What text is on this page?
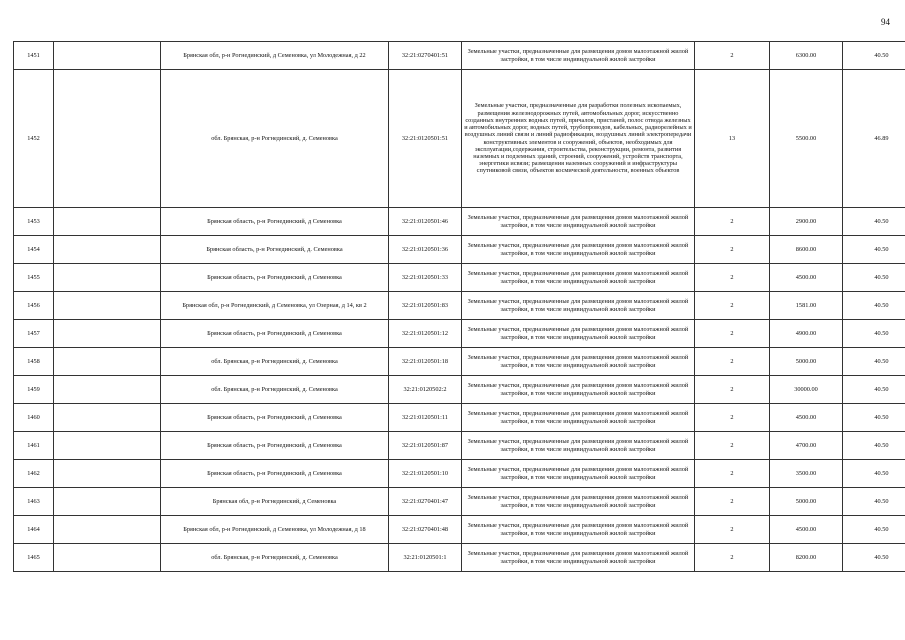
94
1451		Брянская обл, р-н Рогнединский, д Семеновка, ул Молодежная, д 22	32:21:0270401:51	Земельные участки, предназначенные для размещения домов малоэтажной жилой застройки, в том числе индивидуальной жилой застройки	2	6300.00	40.50	
1452		обл. Брянская, р-н Рогнединский, д. Семеновка	32:21:0120501:51	Земельные участки, предназначенные для разработки полезных ископаемых, размещения железнодорожных путей, автомобильных дорог, искусственно созданных внутренних водных путей, причалов, пристаней, полос отвода железных и автомобильных дорог, водных путей, трубопроводов, кабельных, радиорелейных и воздушных линий связи и линий радиофикации, воздушных линий электропередачи конструктивных элементов и сооружений, объектов, необходимых для эксплуатации,содержания, строительства, реконструкции, ремонта, развития наземных и подземных зданий, строений, сооружений, устройств транспорта, энергетики исвязи; размещения наземных сооружений и инфраструктуры спутниковой связи, объектов космической деятельности, военных объектов	13	5500.00	46.89	
1453		Брянская область, р-н Рогнединский, д Семеновка	32:21:0120501:46	Земельные участки, предназначенные для размещения домов малоэтажной жилой застройки, в том числе индивидуальной жилой застройки	2	2900.00	40.50	
1454		Брянская область, р-н Рогнединский, д. Семеновка	32:21:0120501:36	Земельные участки, предназначенные для размещения домов малоэтажной жилой застройки, в том числе индивидуальной жилой застройки	2	8600.00	40.50	
1455		Брянская область, р-н Рогнединский, д Семеновка	32:21:0120501:33	Земельные участки, предназначенные для размещения домов малоэтажной жилой застройки, в том числе индивидуальной жилой застройки	2	4500.00	40.50	
1456		Брянская обл, р-н Рогнединский, д Семеновка, ул Озерная, д 14, кв 2	32:21:0120501:83	Земельные участки, предназначенные для размещения домов малоэтажной жилой застройки, в том числе индивидуальной жилой застройки	2	1581.00	40.50	
1457		Брянская область, р-н Рогнединский, д Семеновка	32:21:0120501:12	Земельные участки, предназначенные для размещения домов малоэтажной жилой застройки, в том числе индивидуальной жилой застройки	2	4900.00	40.50	
1458		обл. Брянская, р-н Рогнединский, д. Семеновка	32:21:0120501:18	Земельные участки, предназначенные для размещения домов малоэтажной жилой застройки, в том числе индивидуальной жилой застройки	2	5000.00	40.50	
1459		обл. Брянская, р-н Рогнединский, д. Семеновка	32:21:0120502:2	Земельные участки, предназначенные для размещения домов малоэтажной жилой застройки, в том числе индивидуальной жилой застройки	2	30000.00	40.50	
1460		Брянская область, р-н Рогнединский, д Семеновка	32:21:0120501:11	Земельные участки, предназначенные для размещения домов малоэтажной жилой застройки, в том числе индивидуальной жилой застройки	2	4500.00	40.50	
1461		Брянская область, р-н Рогнединский, д Семеновка	32:21:0120501:87	Земельные участки, предназначенные для размещения домов малоэтажной жилой застройки, в том числе индивидуальной жилой застройки	2	4700.00	40.50	
1462		Брянская область, р-н Рогнединский, д Семеновка	32:21:0120501:10	Земельные участки, предназначенные для размещения домов малоэтажной жилой застройки, в том числе индивидуальной жилой застройки	2	3500.00	40.50	
1463		Брянская обл, р-н Рогнединский, д Семеновка	32:21:0270401:47	Земельные участки, предназначенные для размещения домов малоэтажной жилой застройки, в том числе индивидуальной жилой застройки	2	5000.00	40.50	
1464		Брянская обл, р-н Рогнединский, д Семеновка, ул Молодежная, д 18	32:21:0270401:48	Земельные участки, предназначенные для размещения домов малоэтажной жилой застройки, в том числе индивидуальной жилой застройки	2	4500.00	40.50	
1465		обл. Брянская, р-н Рогнединский, д. Семеновка	32:21:0120501:1	Земельные участки, предназначенные для размещения домов малоэтажной жилой застройки, в том числе индивидуальной жилой застройки	2	8200.00	40.50	
